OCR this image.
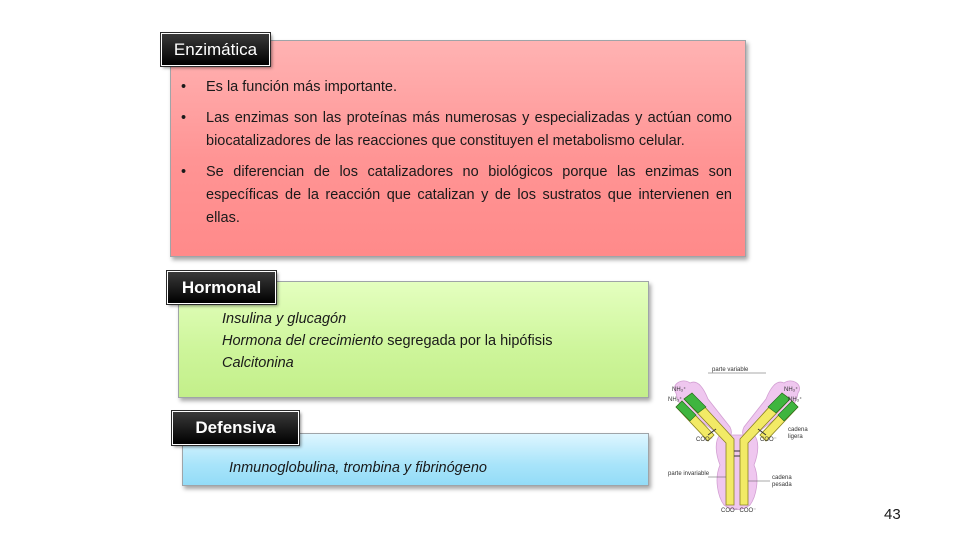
Enzimática
• Es la función más importante.
• Las enzimas son las proteínas más numerosas y especializadas y actúan como biocatalizadores de las reacciones que constituyen el metabolismo celular.
• Se diferencian de los catalizadores no biológicos porque las enzimas son específicas de la reacción que catalizan y de los sustratos que intervienen en ellas.
Hormonal
Insulina y glucagón
Hormona del crecimiento segregada por la hipófisis
Calcitonina
Defensiva
Inmunoglobulina, trombina y fibrinógeno
parte variable
NH₃⁺
NH₃⁺
NH₃⁺
NH₃⁺
COO⁻	COO⁻
cadena
ligera
parte invariable
cadena
pesada
COO⁻ COO⁻	43
